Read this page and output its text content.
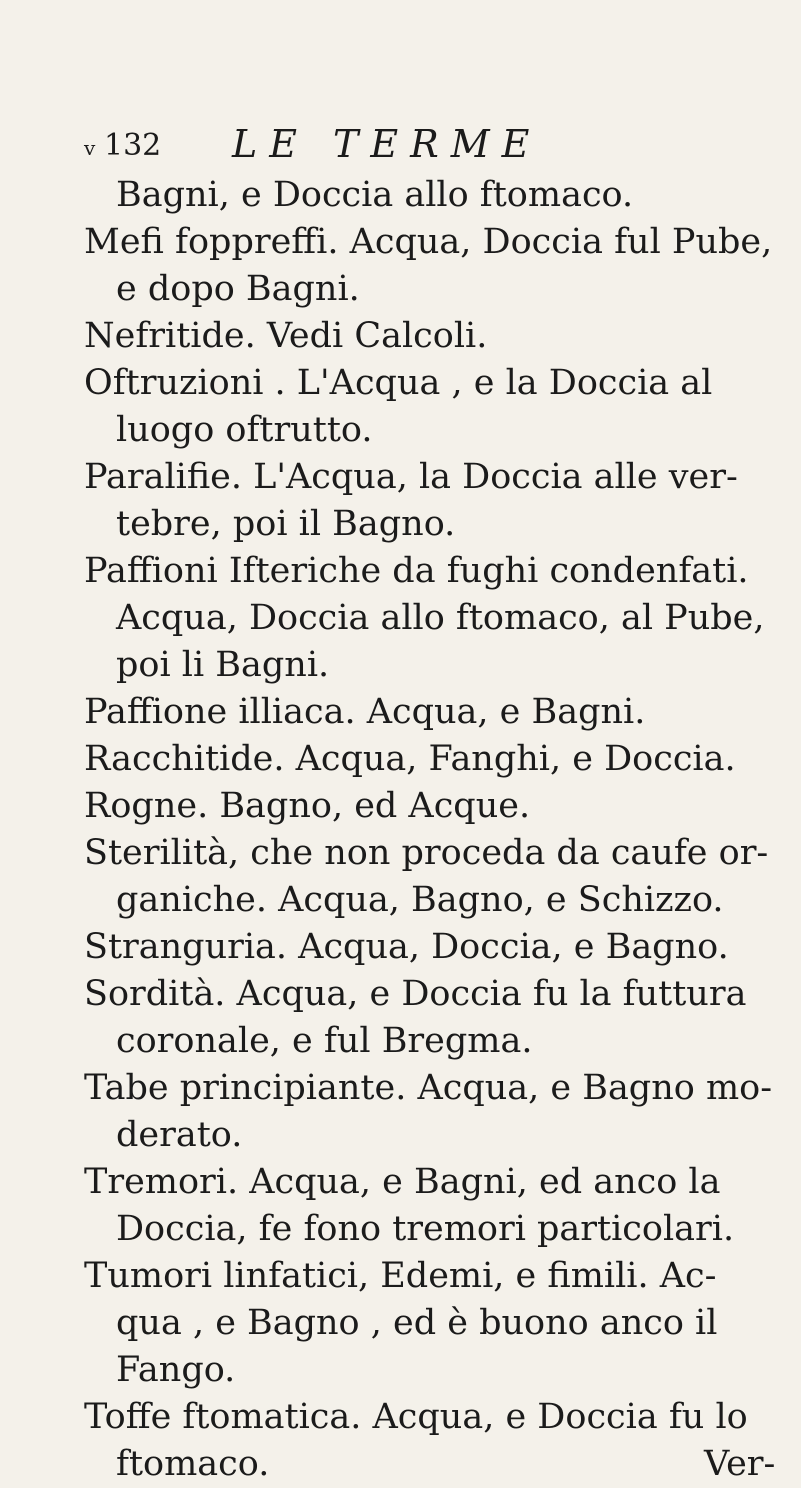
v 132 LE TERME
Bagni, e Doccia allo ftomaco.
Mefi foppreffi. Acqua, Doccia ful Pube,
e dopo Bagni.
Nefritide. Vedi Calcoli.
Oftruzioni . L'Acqua , e la Doccia al
luogo oftrutto.
Paralifie. L'Acqua, la Doccia alle ver-
tebre, poi il Bagno.
Paffioni Ifteriche da fughi condenfati.
Acqua, Doccia allo ftomaco, al Pube,
poi li Bagni.
Paffione illiaca. Acqua, e Bagni.
Racchitide. Acqua, Fanghi, e Doccia.
Rogne. Bagno, ed Acque.
Sterilità, che non proceda da caufe or-
ganiche. Acqua, Bagno, e Schizzo.
Stranguria. Acqua, Doccia, e Bagno.
Sordità. Acqua, e Doccia fu la futtura
coronale, e ful Bregma.
Tabe principiante. Acqua, e Bagno mo-
derato.
Tremori. Acqua, e Bagni, ed anco la
Doccia, fe fono tremori particolari.
Tumori linfatici, Edemi, e fimili. Ac-
qua , e Bagno , ed è buono anco il
Fango.
Toffe ftomatica. Acqua, e Doccia fu lo
ftomaco.	Ver-
